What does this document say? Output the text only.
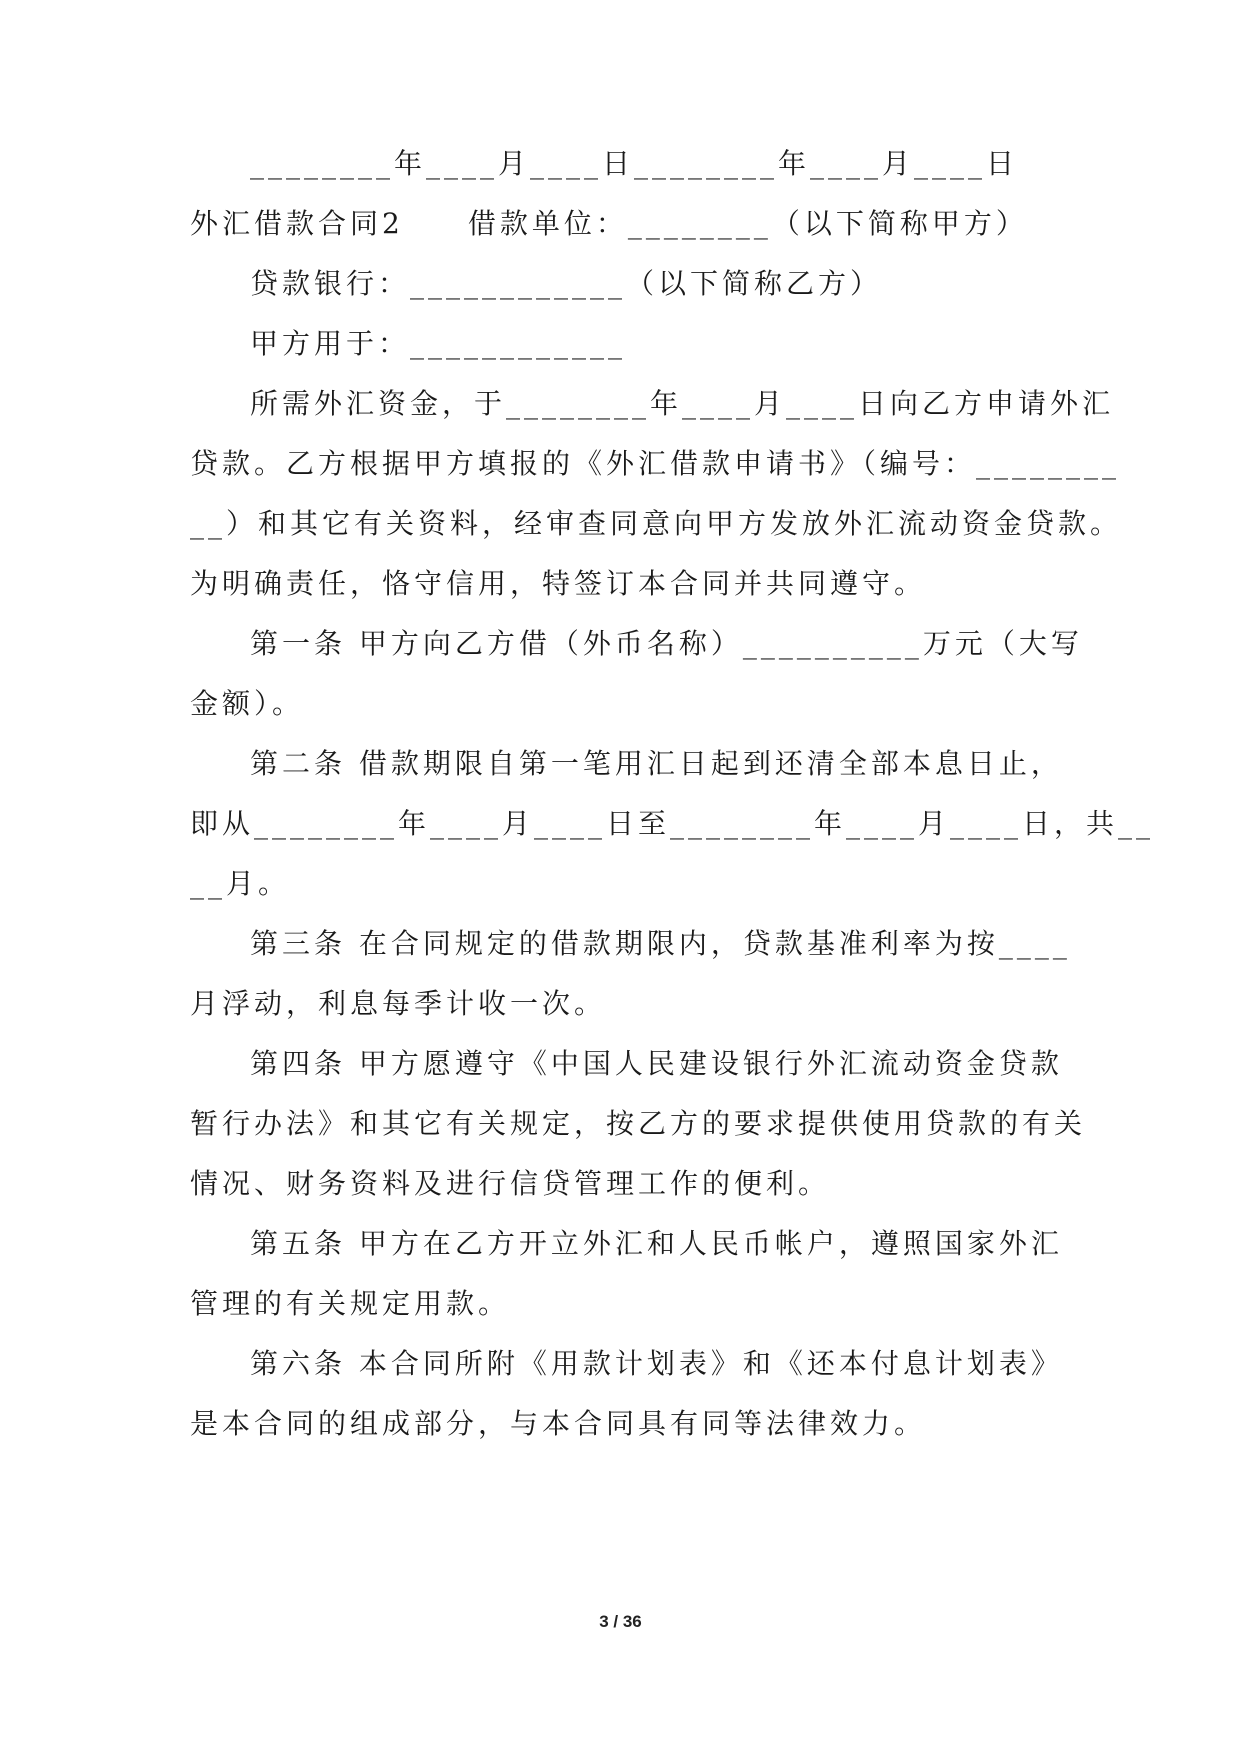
________年____月____日________年____月____日
外汇借款合同2　　借款单位：________（以下简称甲方）
贷款银行：____________（以下简称乙方）
甲方用于：____________
所需外汇资金，于________年____月____日向乙方申请外汇
贷款。乙方根据甲方填报的《外汇借款申请书》（编号：________
__）和其它有关资料，经审查同意向甲方发放外汇流动资金贷款。
为明确责任，恪守信用，特签订本合同并共同遵守。
第一条 甲方向乙方借（外币名称）__________万元（大写
金额）。
第二条 借款期限自第一笔用汇日起到还清全部本息日止，
即从________年____月____日至________年____月____日，共__
__月。
第三条 在合同规定的借款期限内，贷款基准利率为按____
月浮动，利息每季计收一次。
第四条 甲方愿遵守《中国人民建设银行外汇流动资金贷款
暂行办法》和其它有关规定，按乙方的要求提供使用贷款的有关
情况、财务资料及进行信贷管理工作的便利。
第五条 甲方在乙方开立外汇和人民币帐户，遵照国家外汇
管理的有关规定用款。
第六条 本合同所附《用款计划表》和《还本付息计划表》
是本合同的组成部分，与本合同具有同等法律效力。
3 / 36
